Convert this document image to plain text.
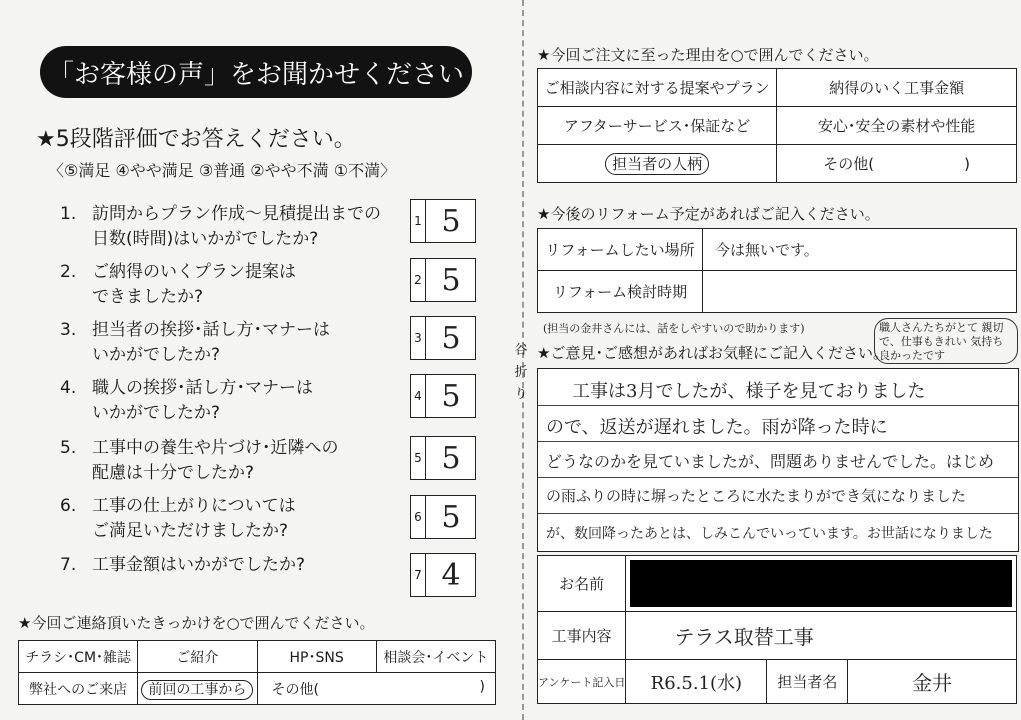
谷
折
り
「お客様の声」をお聞かせください
★5段階評価でお答えください。
〈⑤満足 ④やや満足 ③普通 ②やや不満 ①不満〉
1. 訪問からプラン作成～見積提出までの
日数(時間)はいかがでしたか?
1 5
2. ご納得のいくプラン提案は
できましたか?
2 5
3. 担当者の挨拶･話し方･マナーは
いかがでしたか?
3 5
4. 職人の挨拶･話し方･マナーは
いかがでしたか?
4 5
5. 工事中の養生や片づけ･近隣への
配慮は十分でしたか?
5 5
6. 工事の仕上がりについては
ご満足いただけましたか?
6 5
7. 工事金額はいかがでしたか?	7 4
★今回ご連絡頂いたきっかけを○で囲んでください。
チラシ･CM･雑誌	ご紹介	HP･SNS	相談会･イベント
弊社へのご来店	前回の工事から	その他( )	
★今回ご注文に至った理由を○で囲んでください。
ご相談内容に対する提案やプラン	納得のいく工事金額
アフターサービス･保証など	安心･安全の素材や性能
担当者の人柄	その他(　　　　　　)
★今後のリフォーム予定があればご記入ください。
リフォームしたい場所	今は無いです。
リフォーム検討時期	
(担当の金井さんには、話をしやすいので助かります)	職人さんたちがとて 親切で、仕事もきれい 気持ち良かったです
★ご意見･ご感想があればお気軽にご記入ください。
工事は3月でしたが、様子を見ておりました
ので、返送が遅れました。雨が降った時に
どうなのかを見ていましたが、問題ありませんでした。はじめ
の雨ふりの時に塀ったところに水たまりができ気になりました
が、数回降ったあとは、しみこんでいっています。お世話になりました
お名前			

工事内容	テラス取替工事		
アンケート記入日	R6.5.1(水)	担当者名	金井
